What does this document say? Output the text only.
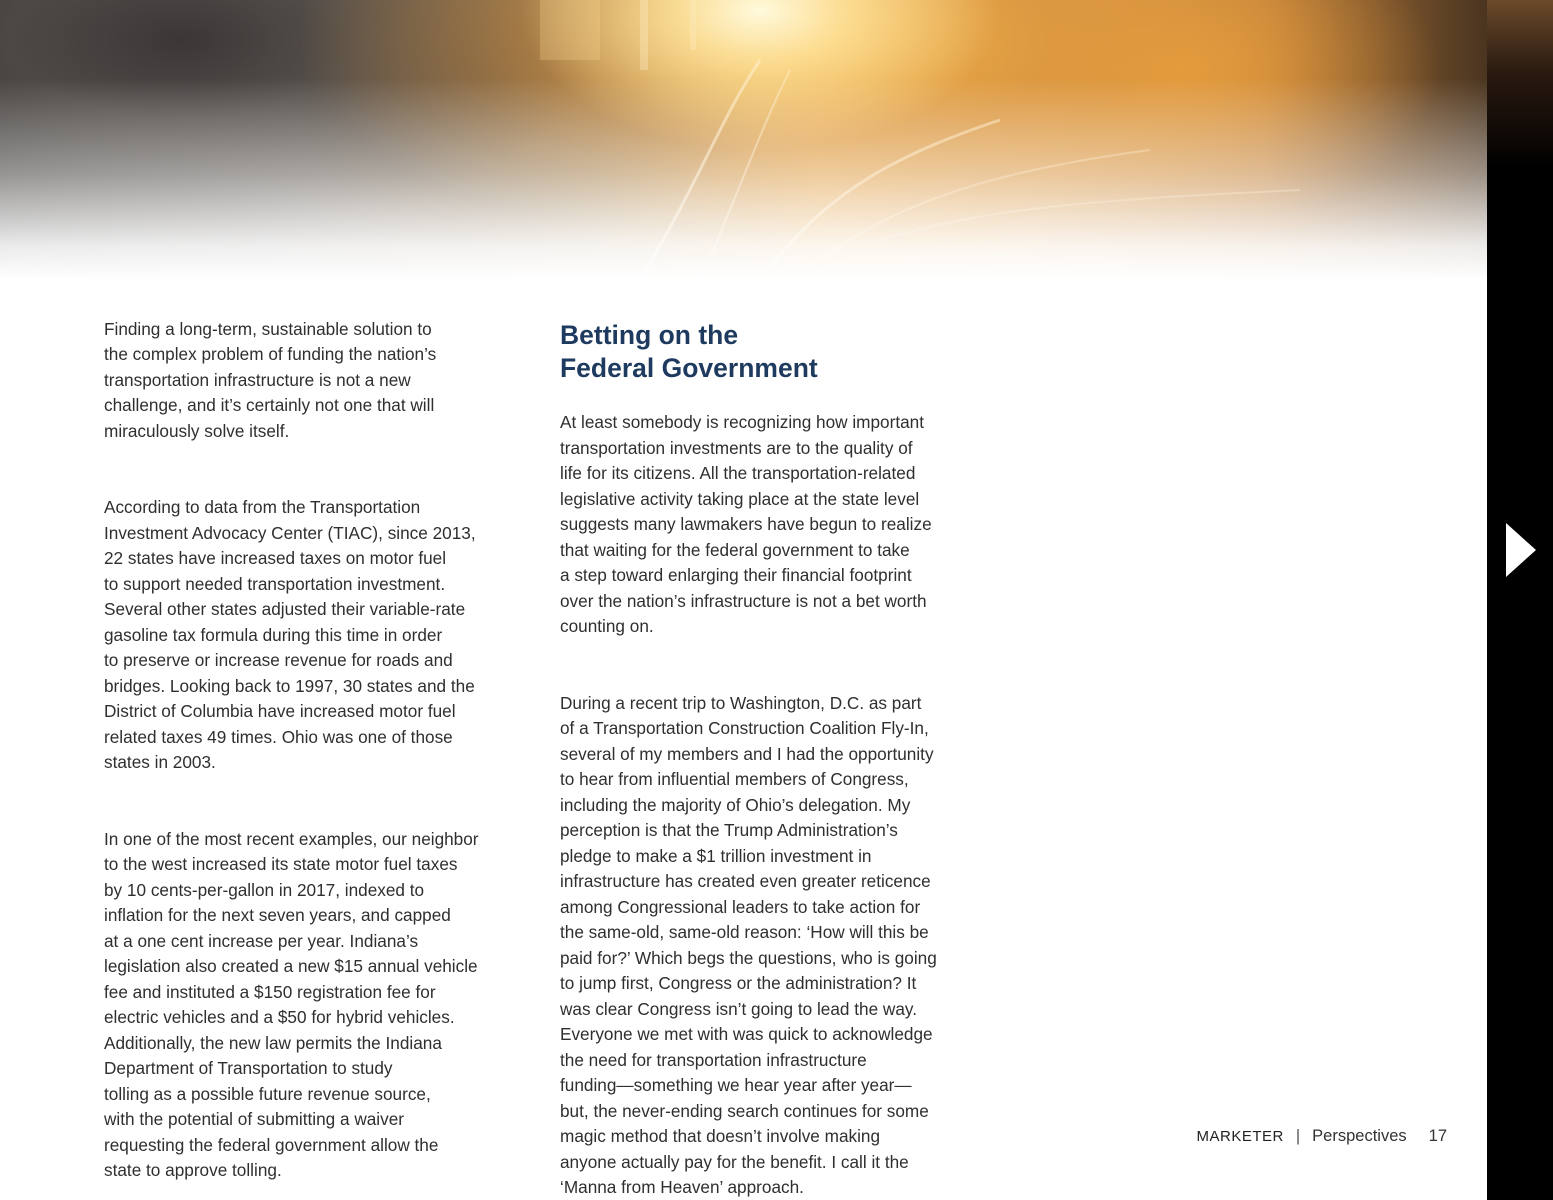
Finding a long-term, sustainable solution to
the complex problem of funding the nation’s
transportation infrastructure is not a new
challenge, and it’s certainly not one that will
miraculously solve itself.

According to data from the Transportation
Investment Advocacy Center (TIAC), since 2013,
22 states have increased taxes on motor fuel
to support needed transportation investment.
Several other states adjusted their variable-rate
gasoline tax formula during this time in order
to preserve or increase revenue for roads and
bridges. Looking back to 1997, 30 states and the
District of Columbia have increased motor fuel
related taxes 49 times. Ohio was one of those
states in 2003.

In one of the most recent examples, our neighbor
to the west increased its state motor fuel taxes
by 10 cents-per-gallon in 2017, indexed to
inflation for the next seven years, and capped
at a one cent increase per year. Indiana’s
legislation also created a new $15 annual vehicle
fee and instituted a $150 registration fee for
electric vehicles and a $50 for hybrid vehicles.
Additionally, the new law permits the Indiana
Department of Transportation to study
tolling as a possible future revenue source,
with the potential of submitting a waiver
requesting the federal government allow the
state to approve tolling.

Betting on the
Federal Government

At least somebody is recognizing how important
transportation investments are to the quality of
life for its citizens. All the transportation-related
legislative activity taking place at the state level
suggests many lawmakers have begun to realize
that waiting for the federal government to take
a step toward enlarging their financial footprint
over the nation’s infrastructure is not a bet worth
counting on.

During a recent trip to Washington, D.C. as part
of a Transportation Construction Coalition Fly-In,
several of my members and I had the opportunity
to hear from influential members of Congress,
including the majority of Ohio’s delegation. My
perception is that the Trump Administration’s
pledge to make a $1 trillion investment in
infrastructure has created even greater reticence
among Congressional leaders to take action for
the same-old, same-old reason: ‘How will this be
paid for?’ Which begs the questions, who is going
to jump first, Congress or the administration? It
was clear Congress isn’t going to lead the way.
Everyone we met with was quick to acknowledge
the need for transportation infrastructure
funding—something we hear year after year—
but, the never-ending search continues for some
magic method that doesn’t involve making
anyone actually pay for the benefit. I call it the
‘Manna from Heaven’ approach.

MARKETER | Perspectives 17
